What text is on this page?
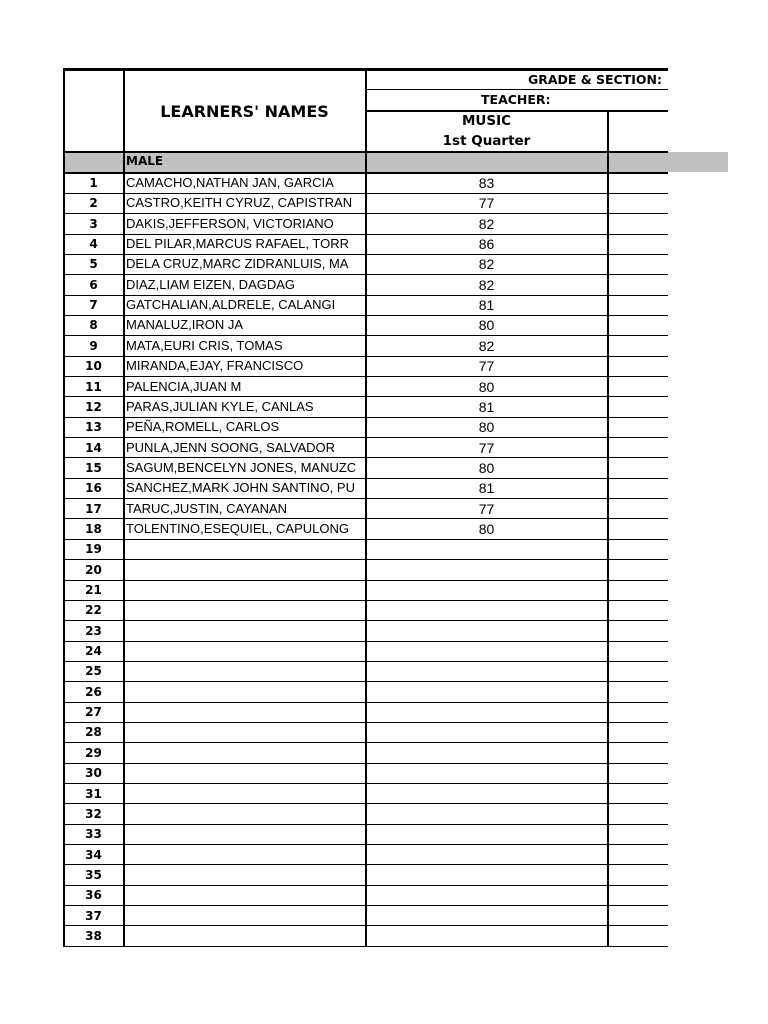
LEARNERS' NAMES
GRADE & SECTION:
TEACHER:
MUSIC
1st Quarter
MALE
1	CAMACHO,NATHAN JAN, GARCIA	83
2	CASTRO,KEITH CYRUZ, CAPISTRAN	77
3	DAKIS,JEFFERSON, VICTORIANO	82
4	DEL PILAR,MARCUS RAFAEL, TORR	86
5	DELA CRUZ,MARC ZIDRANLUIS, MA	82
6	DIAZ,LIAM EIZEN, DAGDAG	82
7	GATCHALIAN,ALDRELE, CALANGI	81
8	MANALUZ,IRON JA	80
9	MATA,EURI CRIS, TOMAS	82
10	MIRANDA,EJAY, FRANCISCO	77
11	PALENCIA,JUAN M	80
12	PARAS,JULIAN KYLE, CANLAS	81
13	PEÑA,ROMELL, CARLOS	80
14	PUNLA,JENN SOONG, SALVADOR	77
15	SAGUM,BENCELYN JONES, MANUZC	80
16	SANCHEZ,MARK JOHN SANTINO, PU	81
17	TARUC,JUSTIN, CAYANAN	77
18	TOLENTINO,ESEQUIEL, CAPULONG	80
19
20
21
22
23
24
25
26
27
28
29
30
31
32
33
34
35
36
37
38
